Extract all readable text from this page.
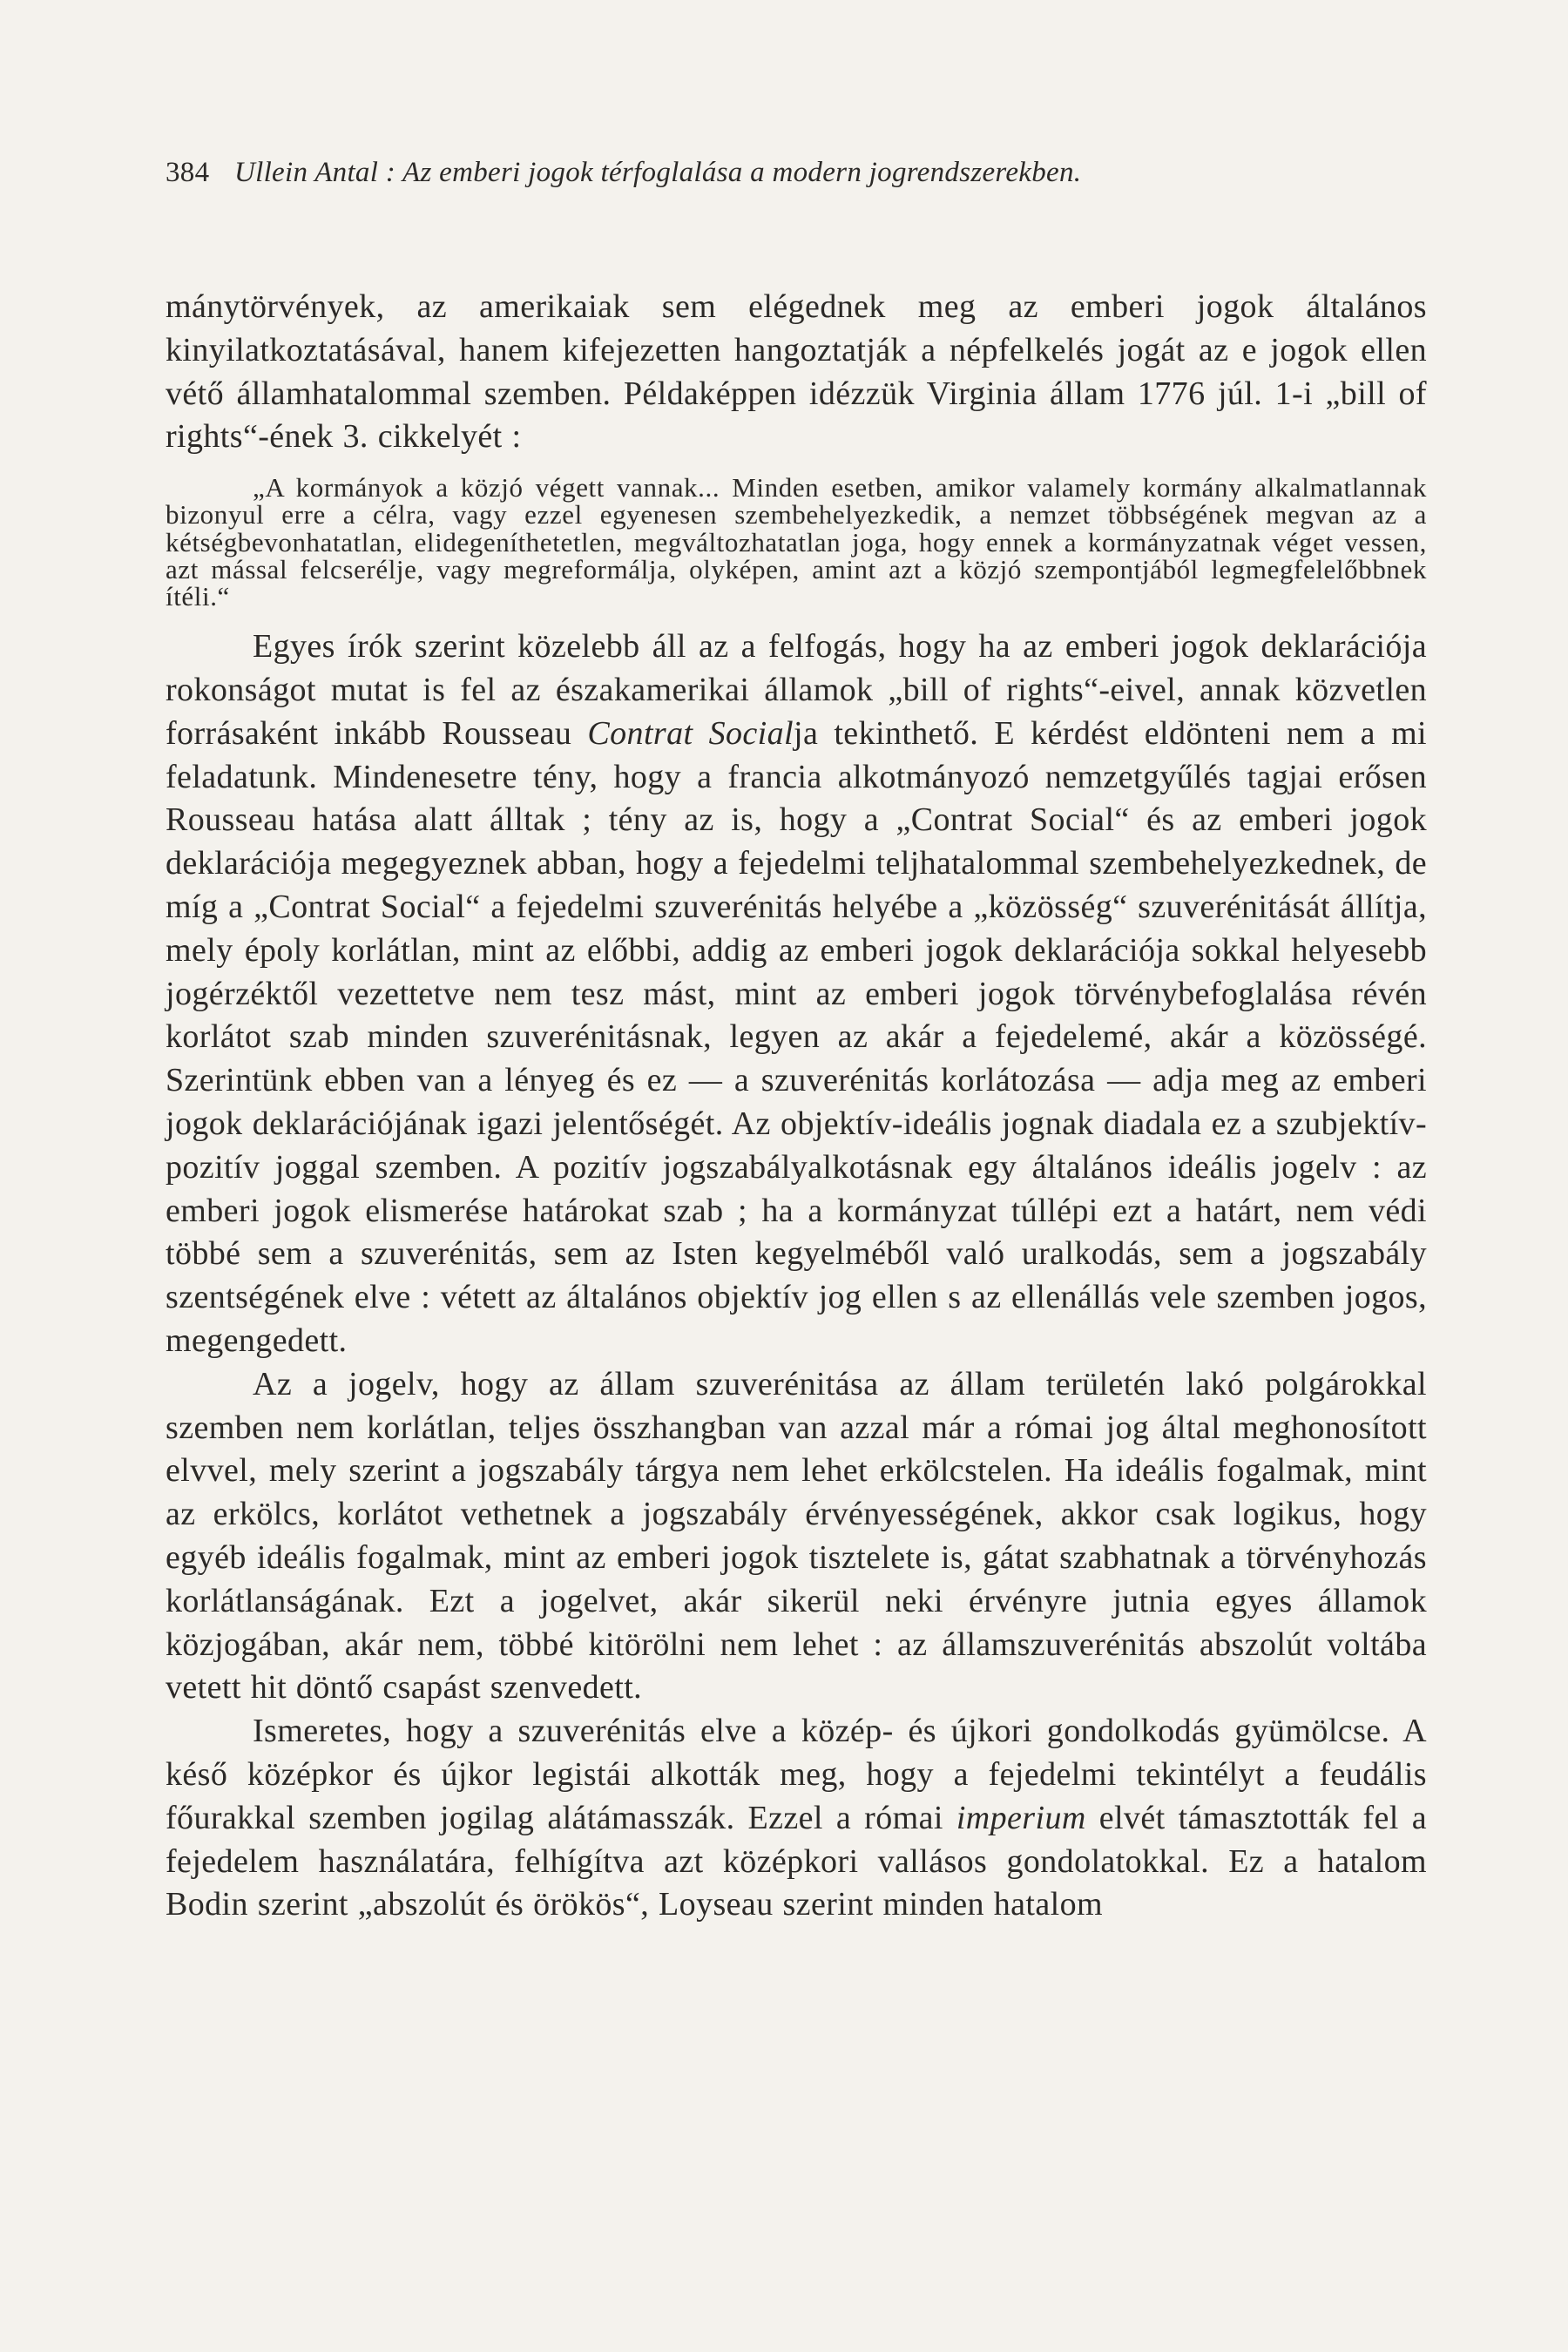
384 Ullein Antal : Az emberi jogok térfoglalása a modern jogrendszerekben.

mánytörvények, az amerikaiak sem elégednek meg az emberi jogok általános kinyilatkoztatásával, hanem kifejezetten hangoztatják a népfelkelés jogát az e jogok ellen vétő államhatalommal szemben. Példaképpen idézzük Virginia állam 1776 júl. 1-i „bill of rights“-ének 3. cikkelyét :

„A kormányok a közjó végett vannak... Minden esetben, amikor valamely kormány alkalmatlannak bizonyul erre a célra, vagy ezzel egyenesen szembehelyezkedik, a nemzet többségének megvan az a kétségbevonhatatlan, elidegeníthetetlen, megváltozhatatlan joga, hogy ennek a kormányzatnak véget vessen, azt mással felcserélje, vagy megreformálja, olyképen, amint azt a közjó szempontjából legmegfelelőbbnek ítéli.“

Egyes írók szerint közelebb áll az a felfogás, hogy ha az emberi jogok deklarációja rokonságot mutat is fel az északamerikai államok „bill of rights“-eivel, annak közvetlen forrásaként inkább Rousseau Contrat Socialja tekinthető. E kérdést eldönteni nem a mi feladatunk. Mindenesetre tény, hogy a francia alkotmányozó nemzetgyűlés tagjai erősen Rousseau hatása alatt álltak ; tény az is, hogy a „Contrat Social“ és az emberi jogok deklarációja megegyeznek abban, hogy a fejedelmi teljhatalommal szembehelyezkednek, de míg a „Contrat Social“ a fejedelmi szuverénitás helyébe a „közösség“ szuverénitását állítja, mely époly korlátlan, mint az előbbi, addig az emberi jogok deklarációja sokkal helyesebb jogérzéktől vezettetve nem tesz mást, mint az emberi jogok törvénybefoglalása révén korlátot szab minden szuverénitásnak, legyen az akár a fejedelemé, akár a közösségé. Szerintünk ebben van a lényeg és ez — a szuverénitás korlátozása — adja meg az emberi jogok deklarációjának igazi jelentőségét. Az objektív-ideális jognak diadala ez a szubjektív-pozitív joggal szemben. A pozitív jogszabályalkotásnak egy általános ideális jogelv : az emberi jogok elismerése határokat szab ; ha a kormányzat túllépi ezt a határt, nem védi többé sem a szuverénitás, sem az Isten kegyelméből való uralkodás, sem a jogszabály szentségének elve : vétett az általános objektív jog ellen s az ellenállás vele szemben jogos, megengedett.

Az a jogelv, hogy az állam szuverénitása az állam területén lakó polgárokkal szemben nem korlátlan, teljes összhangban van azzal már a római jog által meghonosított elvvel, mely szerint a jogszabály tárgya nem lehet erkölcstelen. Ha ideális fogalmak, mint az erkölcs, korlátot vethetnek a jogszabály érvényességének, akkor csak logikus, hogy egyéb ideális fogalmak, mint az emberi jogok tisztelete is, gátat szabhatnak a törvényhozás korlátlanságának. Ezt a jogelvet, akár sikerül neki érvényre jutnia egyes államok közjogában, akár nem, többé kitörölni nem lehet : az államszuverénitás abszolút voltába vetett hit döntő csapást szenvedett.

Ismeretes, hogy a szuverénitás elve a közép- és újkori gondolkodás gyümölcse. A késő középkor és újkor legistái alkották meg, hogy a fejedelmi tekintélyt a feudális főurakkal szemben jogilag alátámasszák. Ezzel a római imperium elvét támasztották fel a fejedelem használatára, felhígítva azt középkori vallásos gondolatokkal. Ez a hatalom Bodin szerint „abszolút és örökös“, Loyseau szerint minden hatalom
